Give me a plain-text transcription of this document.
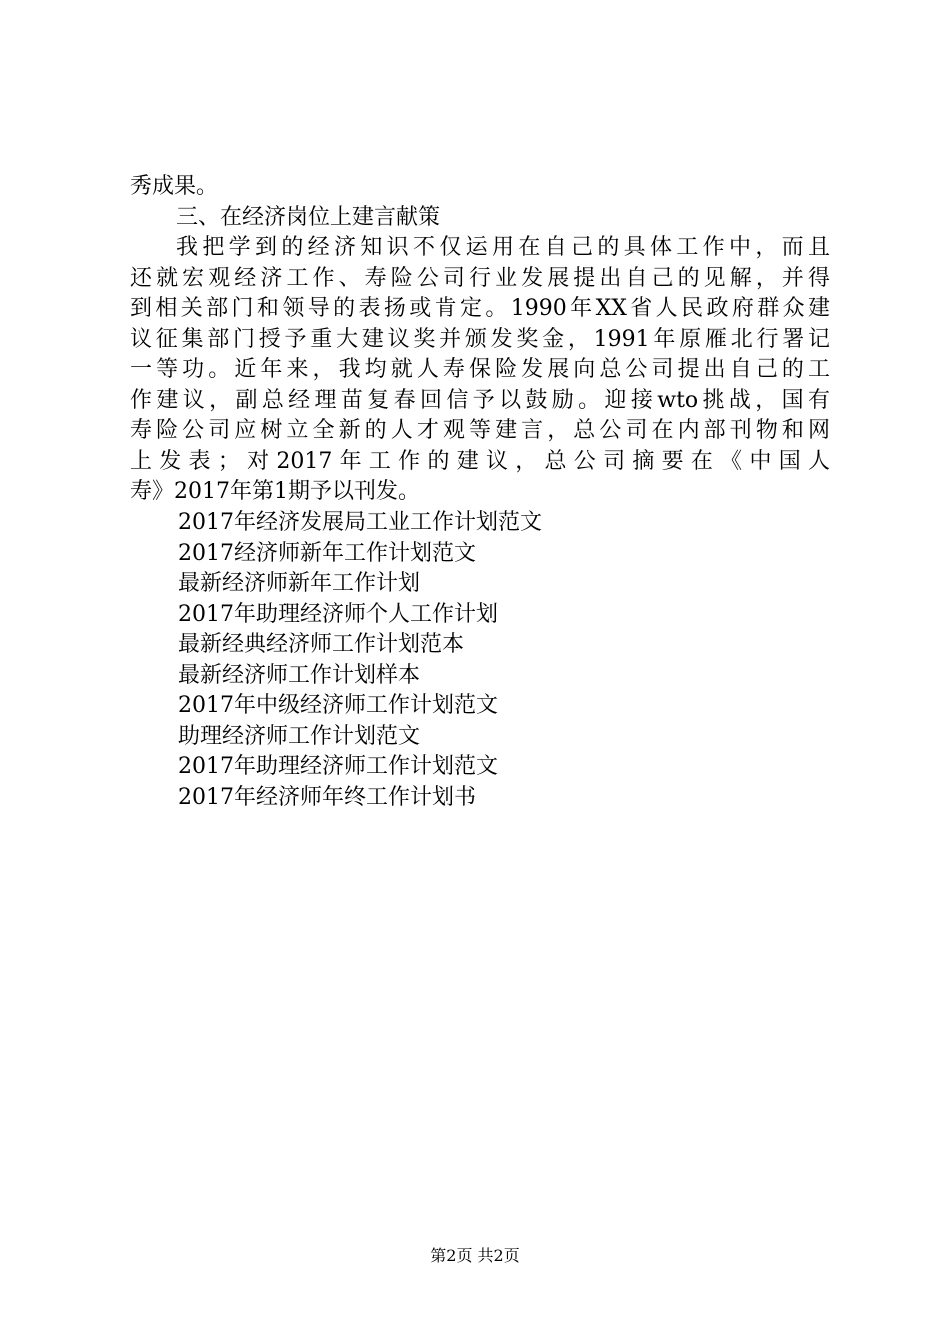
秀成果。
三、在经济岗位上建言献策
我把学到的经济知识不仅运用在自己的具体工作中，而且
还就宏观经济工作、寿险公司行业发展提出自己的见解，并得
到相关部门和领导的表扬或肯定。1990年XX省人民政府群众建
议征集部门授予重大建议奖并颁发奖金，1991年原雁北行署记
一等功。近年来，我均就人寿保险发展向总公司提出自己的工
作建议，副总经理苗复春回信予以鼓励。迎接wto挑战，国有
寿险公司应树立全新的人才观等建言，总公司在内部刊物和网
上发表；对2017年工作的建议，总公司摘要在《中国人
寿》2017年第1期予以刊发。
2017年经济发展局工业工作计划范文
2017经济师新年工作计划范文
最新经济师新年工作计划
2017年助理经济师个人工作计划
最新经典经济师工作计划范本
最新经济师工作计划样本
2017年中级经济师工作计划范文
助理经济师工作计划范文
2017年助理经济师工作计划范文
2017年经济师年终工作计划书
第2页 共2页
